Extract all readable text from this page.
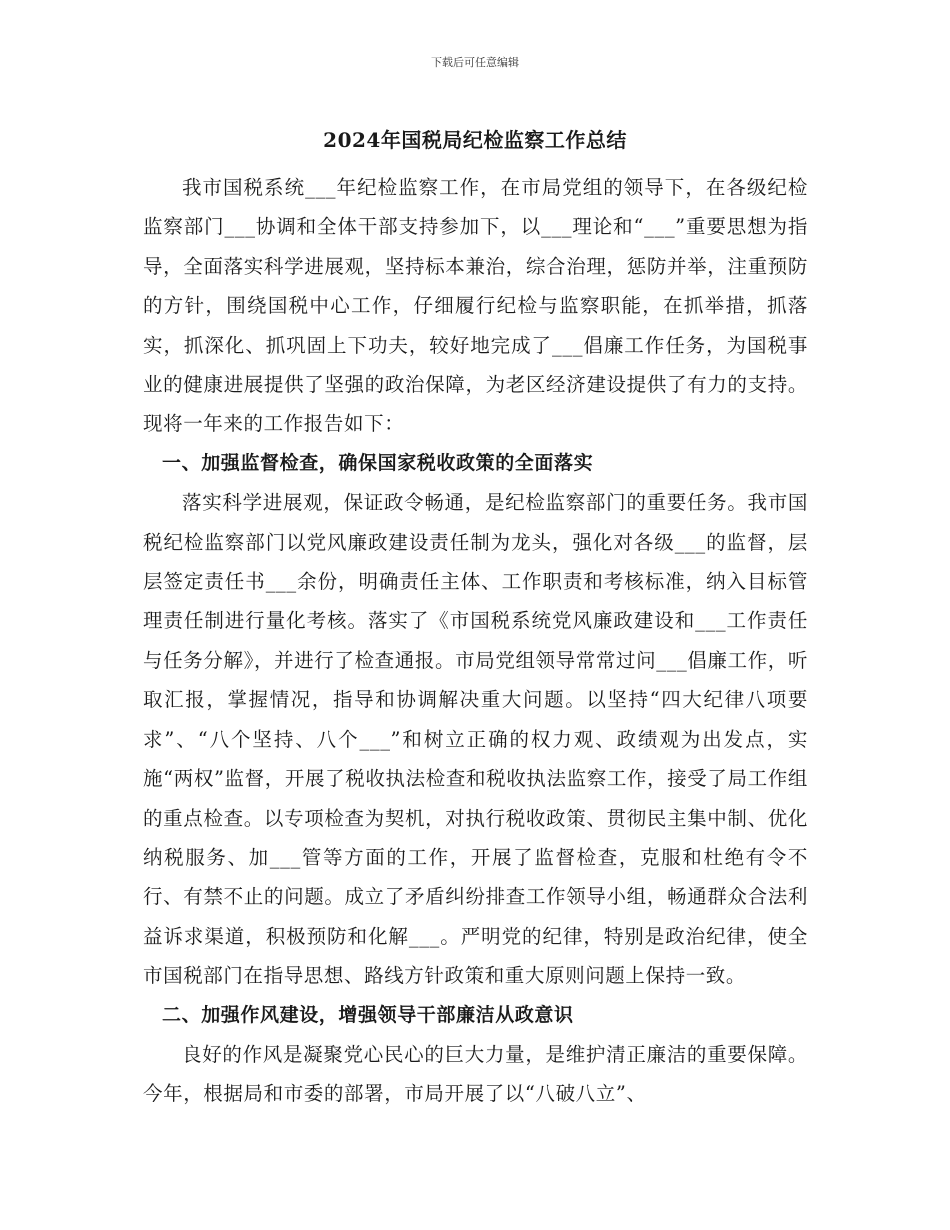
下载后可任意编辑
2024年国税局纪检监察工作总结

我市国税系统___年纪检监察工作，在市局党组的领导下，在各级纪检监察部门___协调和全体干部支持参加下，以___理论和“___”重要思想为指导，全面落实科学进展观，坚持标本兼治，综合治理，惩防并举，注重预防的方针，围绕国税中心工作，仔细履行纪检与监察职能，在抓举措，抓落实，抓深化、抓巩固上下功夫，较好地完成了___倡廉工作任务，为国税事业的健康进展提供了坚强的政治保障，为老区经济建设提供了有力的支持。现将一年来的工作报告如下：

一、加强监督检查，确保国家税收政策的全面落实

落实科学进展观，保证政令畅通，是纪检监察部门的重要任务。我市国税纪检监察部门以党风廉政建设责任制为龙头，强化对各级___的监督，层层签定责任书___余份，明确责任主体、工作职责和考核标准，纳入目标管理责任制进行量化考核。落实了《市国税系统党风廉政建设和___工作责任与任务分解》，并进行了检查通报。市局党组领导常常过问___倡廉工作，听取汇报，掌握情况，指导和协调解决重大问题。以坚持“四大纪律八项要求”、“八个坚持、八个___”和树立正确的权力观、政绩观为出发点，实施“两权”监督，开展了税收执法检查和税收执法监察工作，接受了局工作组的重点检查。以专项检查为契机，对执行税收政策、贯彻民主集中制、优化纳税服务、加___管等方面的工作，开展了监督检查，克服和杜绝有令不行、有禁不止的问题。成立了矛盾纠纷排查工作领导小组，畅通群众合法利益诉求渠道，积极预防和化解___。严明党的纪律，特别是政治纪律，使全市国税部门在指导思想、路线方针政策和重大原则问题上保持一致。

二、加强作风建设，增强领导干部廉洁从政意识

良好的作风是凝聚党心民心的巨大力量，是维护清正廉洁的重要保障。今年，根据局和市委的部署，市局开展了以“八破八立”、
